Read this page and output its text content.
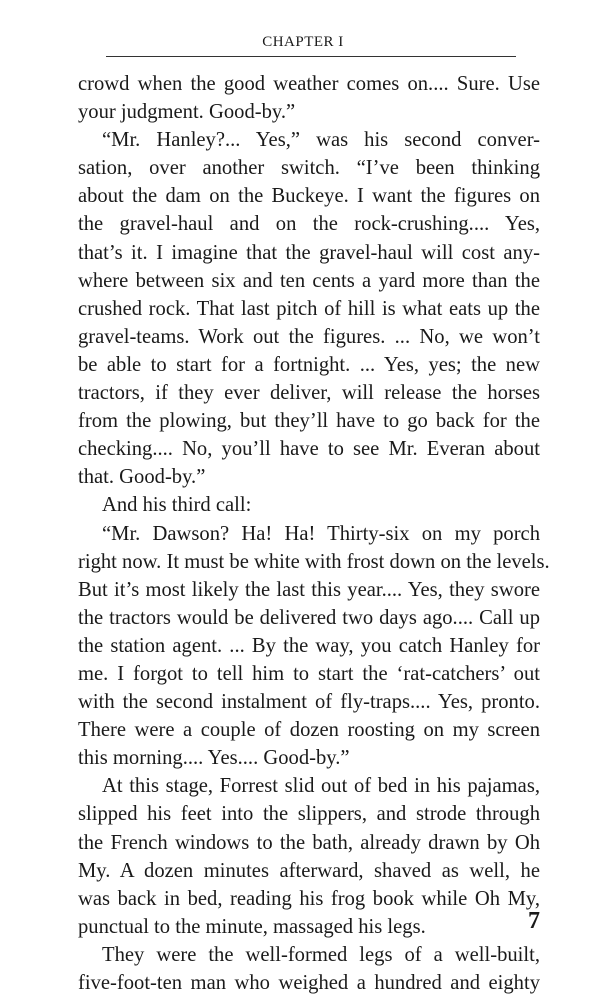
CHAPTER I
crowd when the good weather comes on.... Sure. Use
your judgment. Good-by.”
“Mr. Hanley?... Yes,” was his second conver-
sation, over another switch. “I’ve been thinking
about the dam on the Buckeye. I want the figures on
the gravel-haul and on the rock-crushing.... Yes,
that’s it. I imagine that the gravel-haul will cost any-
where between six and ten cents a yard more than the
crushed rock. That last pitch of hill is what eats up the
gravel-teams. Work out the figures. ... No, we won’t
be able to start for a fortnight. ... Yes, yes; the new
tractors, if they ever deliver, will release the horses
from the plowing, but they’ll have to go back for the
checking.... No, you’ll have to see Mr. Everan about
that. Good-by.”
And his third call:
“Mr. Dawson? Ha! Ha! Thirty-six on my porch
right now. It must be white with frost down on the levels.
But it’s most likely the last this year.... Yes, they swore
the tractors would be delivered two days ago.... Call up
the station agent. ... By the way, you catch Hanley for
me. I forgot to tell him to start the ‘rat-catchers’ out
with the second instalment of fly-traps.... Yes, pronto.
There were a couple of dozen roosting on my screen
this morning.... Yes.... Good-by.”
At this stage, Forrest slid out of bed in his pajamas,
slipped his feet into the slippers, and strode through
the French windows to the bath, already drawn by Oh
My. A dozen minutes afterward, shaved as well, he
was back in bed, reading his frog book while Oh My,
punctual to the minute, massaged his legs.
They were the well-formed legs of a well-built,
five-foot-ten man who weighed a hundred and eighty
7
